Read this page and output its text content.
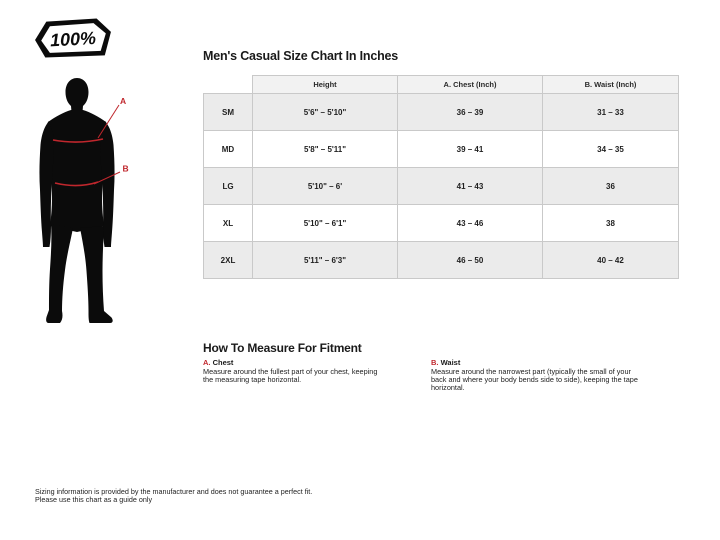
100%
A
B
Men's Casual Size Chart In Inches
	Height	A. Chest (Inch)	B. Waist (Inch)
SM	5'6" – 5'10"	36 – 39	31 – 33
MD	5'8" – 5'11"	39 – 41	34 – 35
LG	5'10" – 6'	41 – 43	36
XL	5'10" – 6'1"	43 – 46	38
2XL	5'11" – 6'3"	46 – 50	40 – 42
How To Measure For Fitment
A. Chest
Measure around the fullest part of your chest, keeping the measuring tape horizontal.
B. Waist
Measure around the narrowest part (typically the small of your back and where your body bends side to side), keeping the tape horizontal.
Sizing information is provided by the manufacturer and does not guarantee a perfect fit.
Please use this chart as a guide only
